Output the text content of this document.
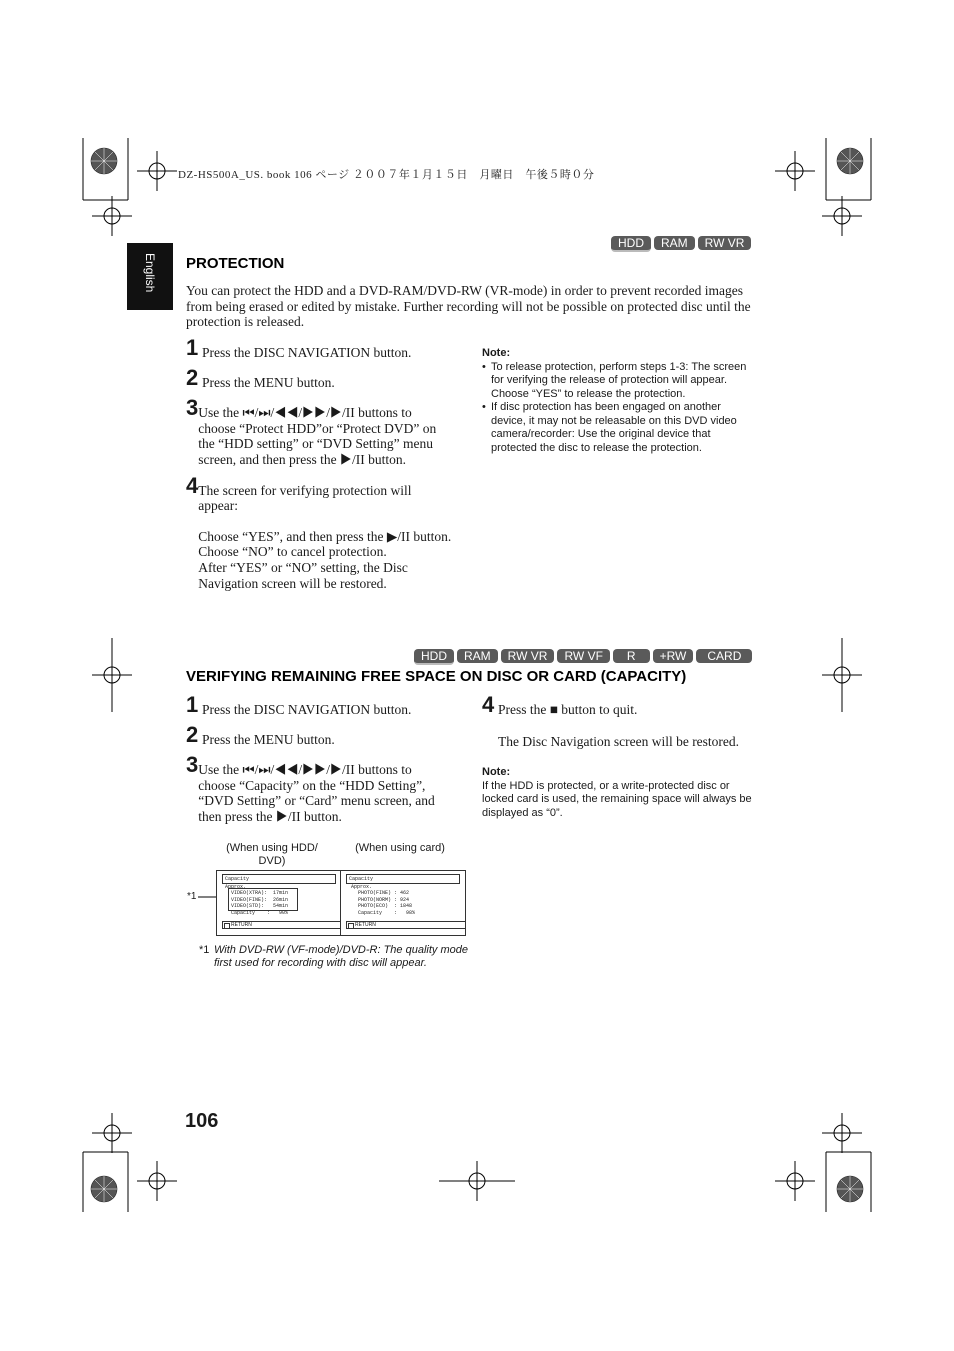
DZ-HS500A_US. book 106 ページ ２００７年１月１５日　月曜日　午後５時０分
English
HDD	RAM	RW VR
PROTECTION
You can protect the HDD and a DVD-RAM/DVD-RW (VR-mode) in order to prevent recorded images from being erased or edited by mistake. Further recording will not be possible on protected disc until the protection is released.
1 Press the DISC NAVIGATION button.
2 Press the MENU button.
3 Use the ⏮/⏭/◀◀/▶▶/▶/II buttons to choose “Protect HDD”or “Protect DVD” on the “HDD setting” or “DVD Setting” menu screen, and then press the ▶/II button.
4 The screen for verifying protection will appear:
Choose “YES”, and then press the ▶/II button.
Choose “NO” to cancel protection.
After “YES” or “NO” setting, the Disc Navigation screen will be restored.
Note:
• To release protection, perform steps 1-3: The screen for verifying the release of protection will appear. Choose “YES” to release the protection.
• If disc protection has been engaged on another device, it may not be releasable on this DVD video camera/recorder: Use the original device that protected the disc to release the protection.
HDD	RAM	RW VR	RW VF	R	+RW	CARD
VERIFYING REMAINING FREE SPACE ON DISC OR CARD (CAPACITY)
1 Press the DISC NAVIGATION button.
2 Press the MENU button.
3 Use the ⏮/⏭/◀◀/▶▶/▶/II buttons to choose “Capacity” on the “HDD Setting”, “DVD Setting” or “Card” menu screen, and then press the ▶/II button.
4 Press the ■ button to quit.
The Disc Navigation screen will be restored.
Note:
If the HDD is protected, or a write-protected disc or locked card is used, the remaining space will always be displayed as “0”.
(When using HDD/ DVD)
(When using card)
*1
Capacity
Approx.
VIDEO(XTRA):  17min
VIDEO(FINE):  26min
VIDEO(STD):   54min
Capacity    :   90%
RETURN
Capacity
Approx.
PHOTO(FINE) : 462
PHOTO(NORM) : 924
PHOTO(ECO)  : 1848
Capacity    :   98%
RETURN
*1 With DVD-RW (VF-mode)/DVD-R: The quality mode first used for recording with disc will appear.
106
